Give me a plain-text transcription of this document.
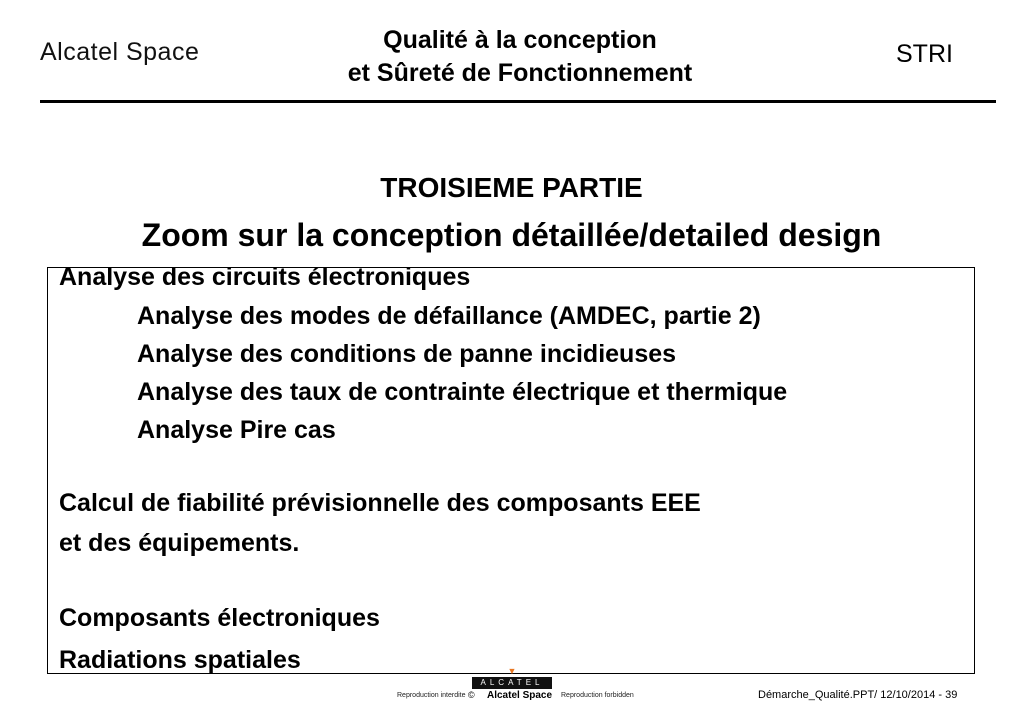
Alcatel Space	Qualité à la conception
et Sûreté de Fonctionnement
STRI
TROISIEME PARTIE
Zoom sur la conception détaillée/detailed design
Analyse des circuits électroniques
Analyse des modes de défaillance (AMDEC, partie 2)
Analyse des conditions de panne incidieuses
Analyse des taux de contrainte électrique et thermique
Analyse Pire cas
Calcul de fiabilité prévisionnelle des composants EEE
et des équipements.
Composants électroniques
Radiations spatiales	▼
ALCATEL
Reproduction interdite © Alcatel Space Reproduction forbidden	Démarche_Qualité.PPT/ 12/10/2014 - 39
